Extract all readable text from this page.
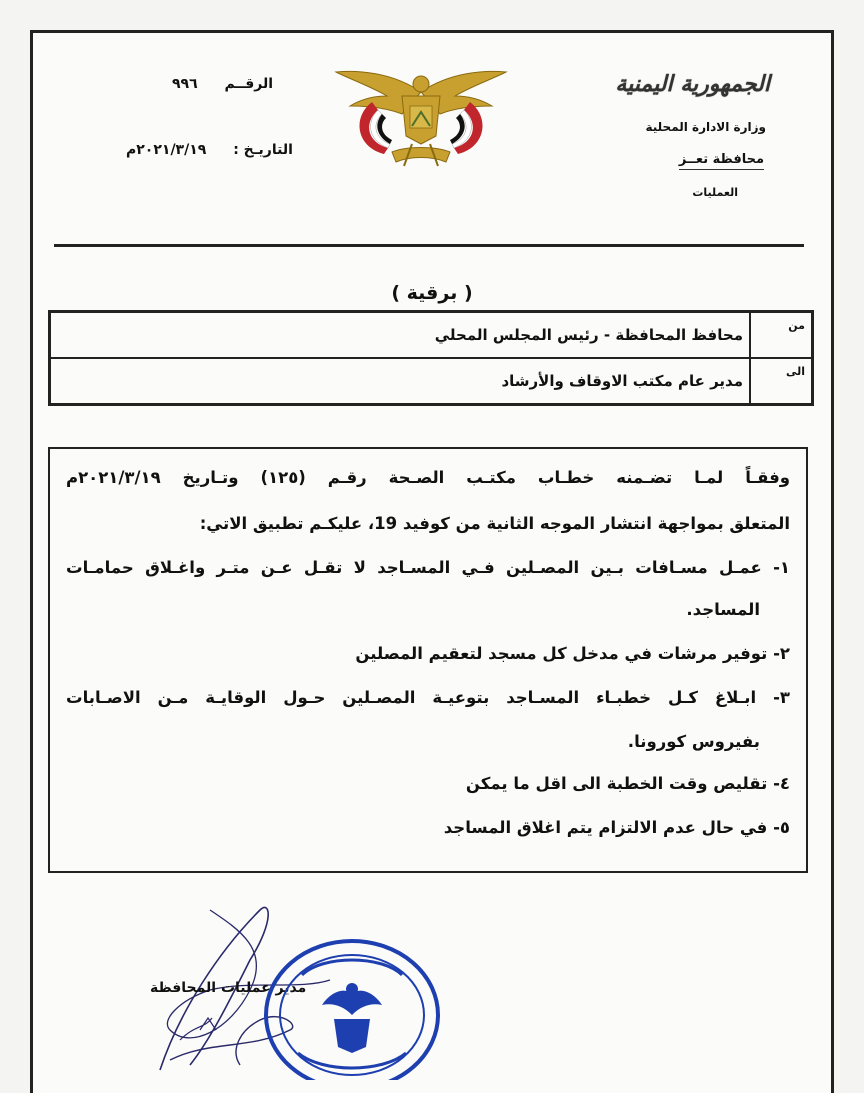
الجمهورية اليمنية
وزارة الادارة المحلية
محافظة تعــز
العمليات
الرقــم ٩٩٦
التاريـخ : ٢٠٢١/٣/١٩م
( برقية )
من	محافظ المحافظة - رئيس المجلس المحلي
الى	مدير عام مكتب الاوقاف والأرشاد
وفقـاً لمـا تضـمنه خطـاب مكتـب الصـحة رقـم (١٢٥) وتـاريخ ٢٠٢١/٣/١٩م
المتعلق بمواجهة انتشار الموجه الثانية من كوفيد 19، عليكـم تطبيق الاتي:
١- عمـل مسـافات بـين المصـلين فـي المسـاجد لا تقـل عـن متـر واغـلاق حمامـات
المساجد.
٢- توفير مرشات في مدخل كل مسجد لتعقيم المصلين
٣- ابـلاغ كـل خطبـاء المسـاجد بتوعيـة المصـلين حـول الوقايـة مـن الاصـابات
بفيروس كورونا.
٤- تقليص وقت الخطبة الى اقل ما يمكن
٥- في حال عدم الالتزام يتم اغلاق المساجد
مدير عمليات المحافظة
